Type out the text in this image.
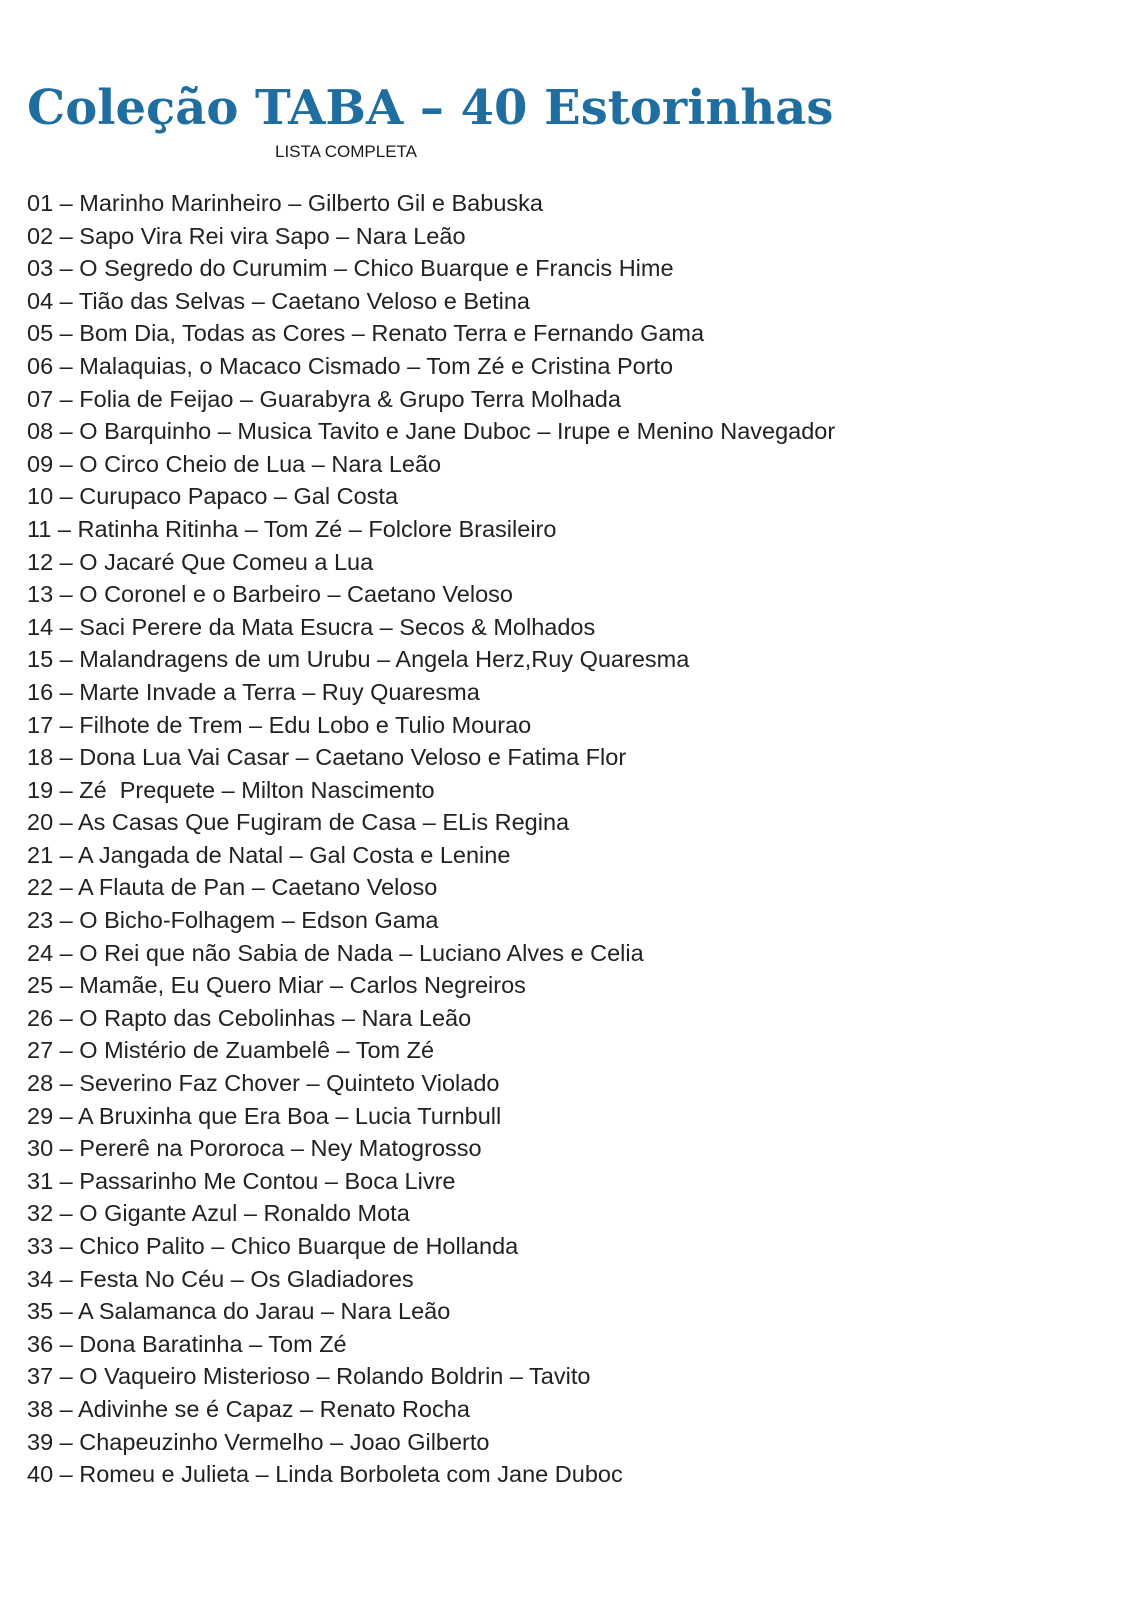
Coleção TABA – 40 Estorinhas
LISTA COMPLETA
01 – Marinho Marinheiro – Gilberto Gil e Babuska
02 – Sapo Vira Rei vira Sapo – Nara Leão
03 – O Segredo do Curumim – Chico Buarque e Francis Hime
04 – Tião das Selvas – Caetano Veloso e Betina
05 – Bom Dia, Todas as Cores – Renato Terra e Fernando Gama
06 – Malaquias, o Macaco Cismado – Tom Zé e Cristina Porto
07 – Folia de Feijao – Guarabyra & Grupo Terra Molhada
08 – O Barquinho – Musica Tavito e Jane Duboc – Irupe e Menino Navegador
09 – O Circo Cheio de Lua – Nara Leão
10 – Curupaco Papaco – Gal Costa
11 – Ratinha Ritinha – Tom Zé – Folclore Brasileiro
12 – O Jacaré Que Comeu a Lua
13 – O Coronel e o Barbeiro – Caetano Veloso
14 – Saci Perere da Mata Esucra – Secos & Molhados
15 – Malandragens de um Urubu – Angela Herz,Ruy Quaresma
16 – Marte Invade a Terra – Ruy Quaresma
17 – Filhote de Trem – Edu Lobo e Tulio Mourao
18 – Dona Lua Vai Casar – Caetano Veloso e Fatima Flor
19 – Zé  Prequete – Milton Nascimento
20 – As Casas Que Fugiram de Casa – ELis Regina
21 – A Jangada de Natal – Gal Costa e Lenine
22 – A Flauta de Pan – Caetano Veloso
23 – O Bicho-Folhagem – Edson Gama
24 – O Rei que não Sabia de Nada – Luciano Alves e Celia
25 – Mamãe, Eu Quero Miar – Carlos Negreiros
26 – O Rapto das Cebolinhas – Nara Leão
27 – O Mistério de Zuambelê – Tom Zé
28 – Severino Faz Chover – Quinteto Violado
29 – A Bruxinha que Era Boa – Lucia Turnbull
30 – Pererê na Pororoca – Ney Matogrosso
31 – Passarinho Me Contou – Boca Livre
32 – O Gigante Azul – Ronaldo Mota
33 – Chico Palito – Chico Buarque de Hollanda
34 – Festa No Céu – Os Gladiadores
35 – A Salamanca do Jarau – Nara Leão
36 – Dona Baratinha – Tom Zé
37 – O Vaqueiro Misterioso – Rolando Boldrin – Tavito
38 – Adivinhe se é Capaz – Renato Rocha
39 – Chapeuzinho Vermelho – Joao Gilberto
40 – Romeu e Julieta – Linda Borboleta com Jane Duboc
